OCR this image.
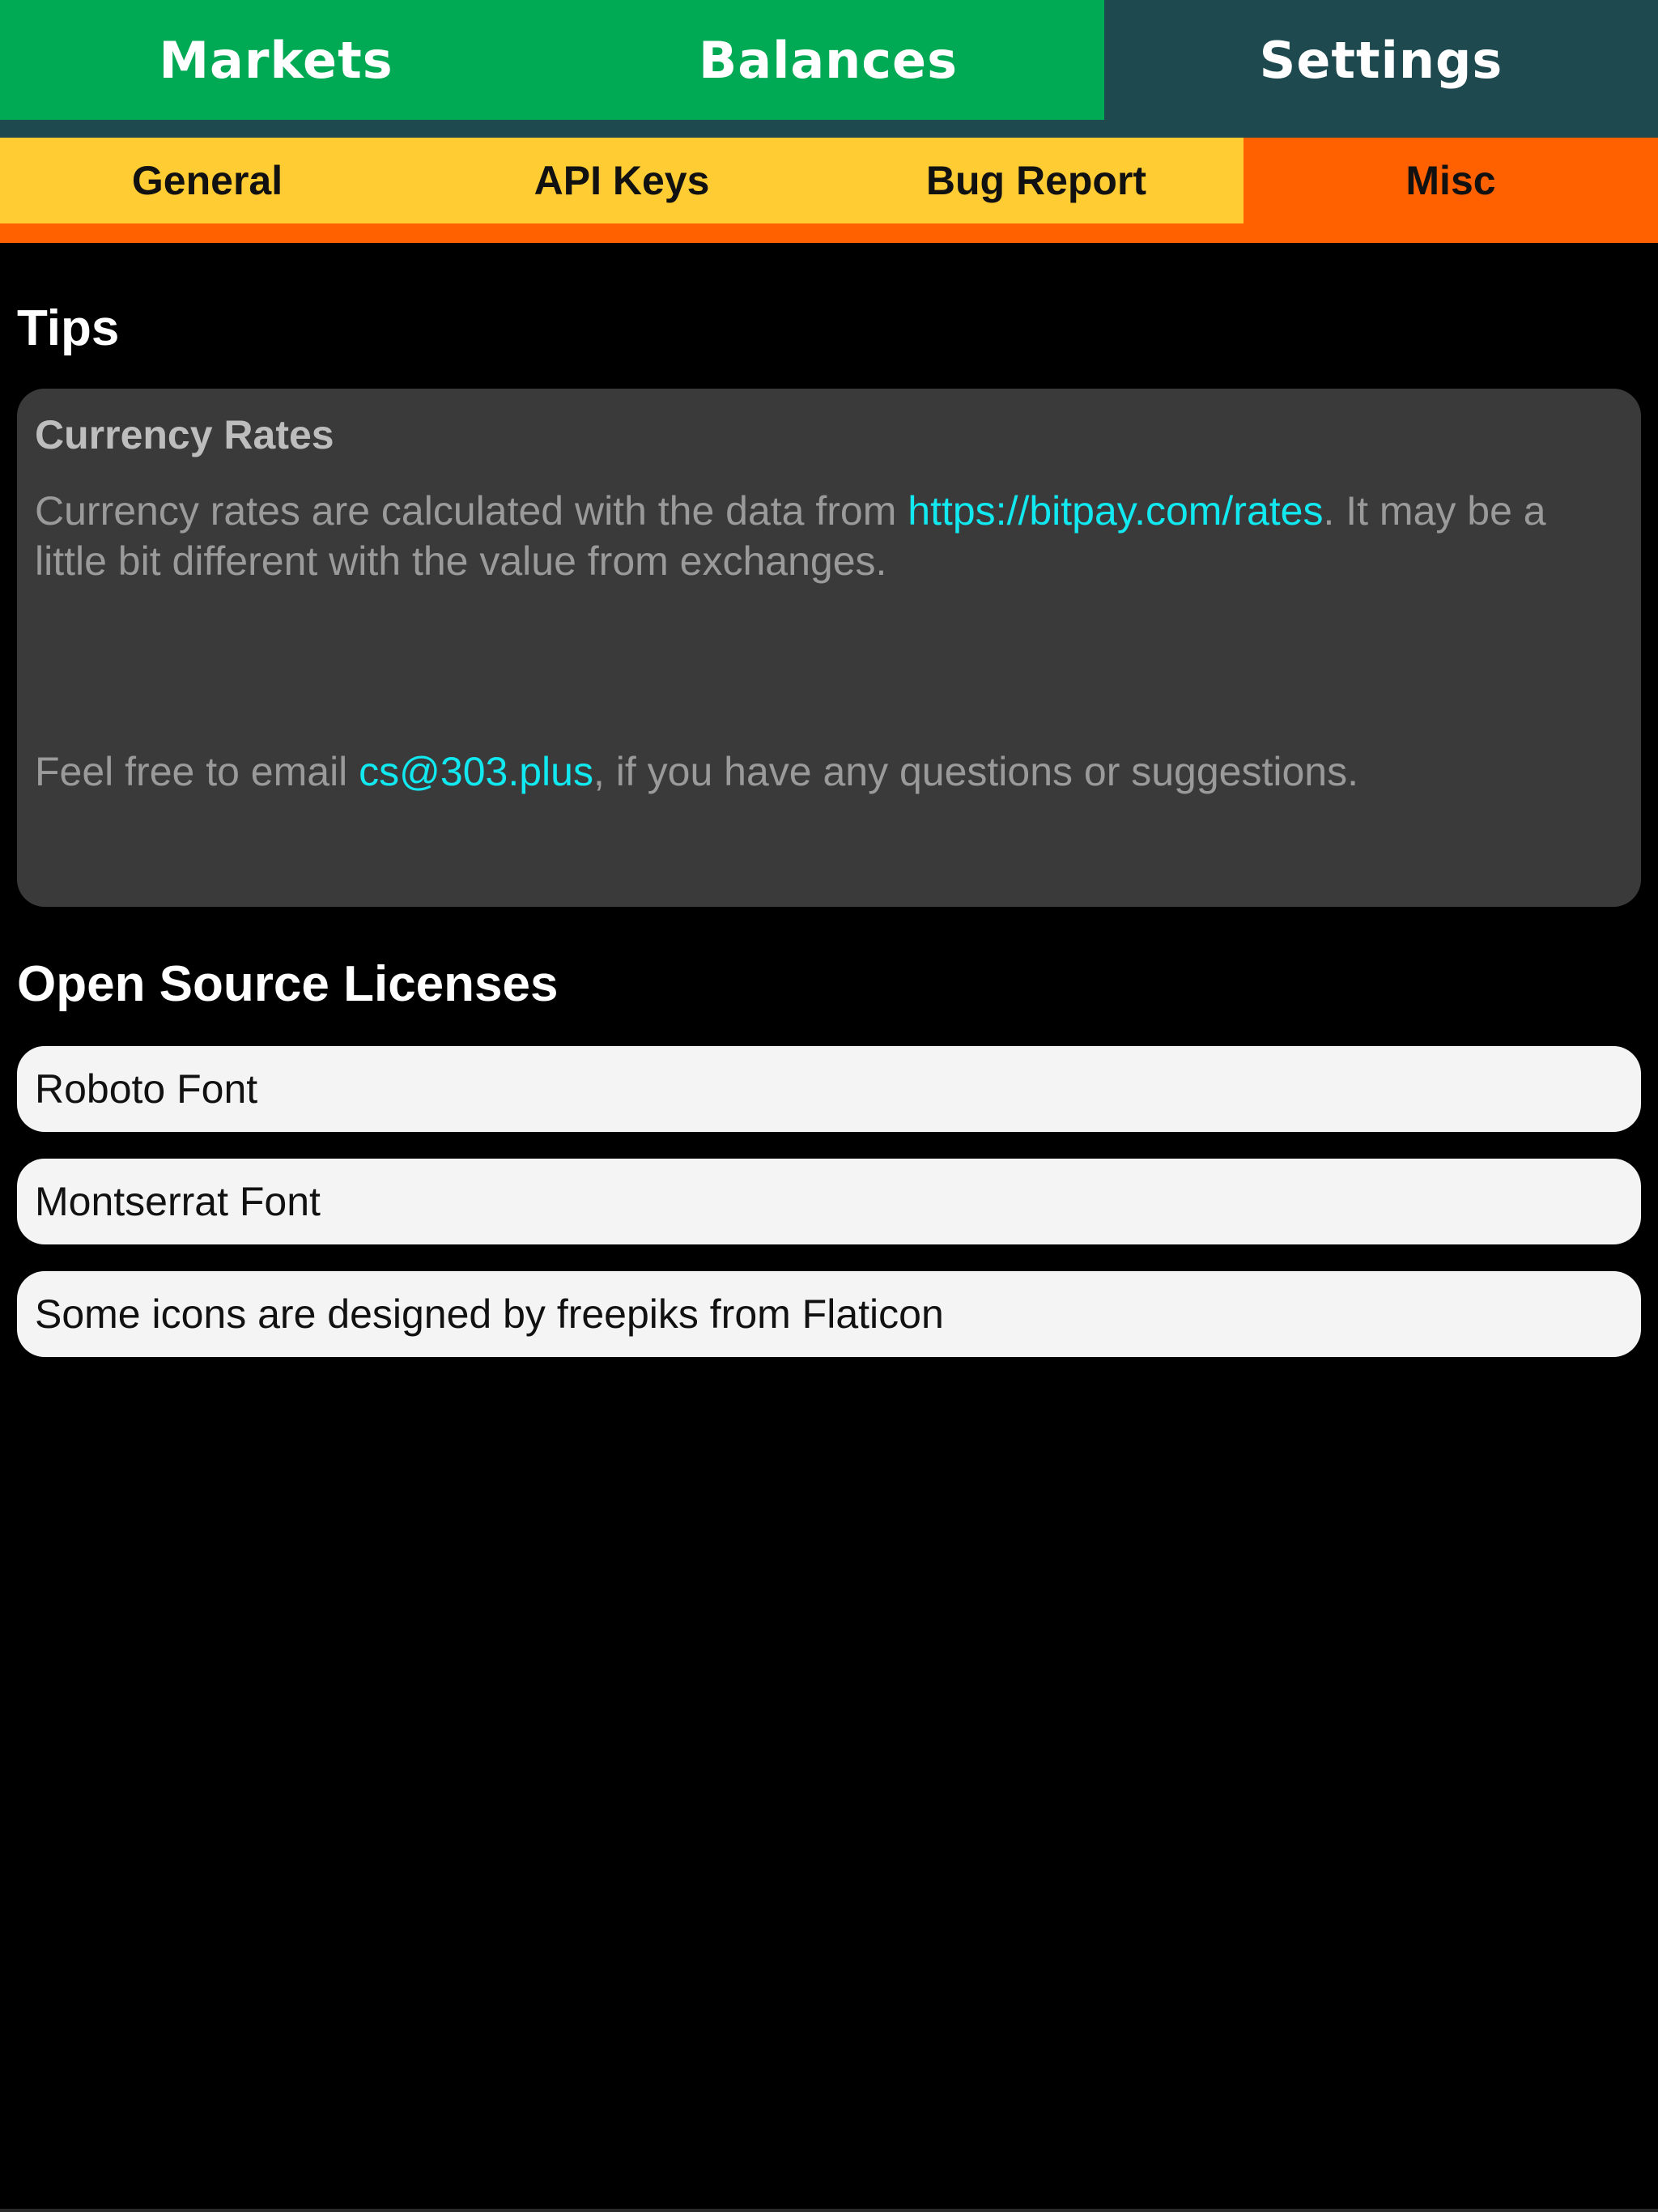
Markets	Balances	Settings
General	API Keys	Bug Report	Misc
Tips
Currency Rates

Currency rates are calculated with the data from https://bitpay.com/rates. It may be a little bit different with the value from exchanges.

Feel free to email cs@303.plus, if you have any questions or suggestions.

Open Source Licenses
Roboto Font
Montserrat Font
Some icons are designed by freepiks from Flaticon
